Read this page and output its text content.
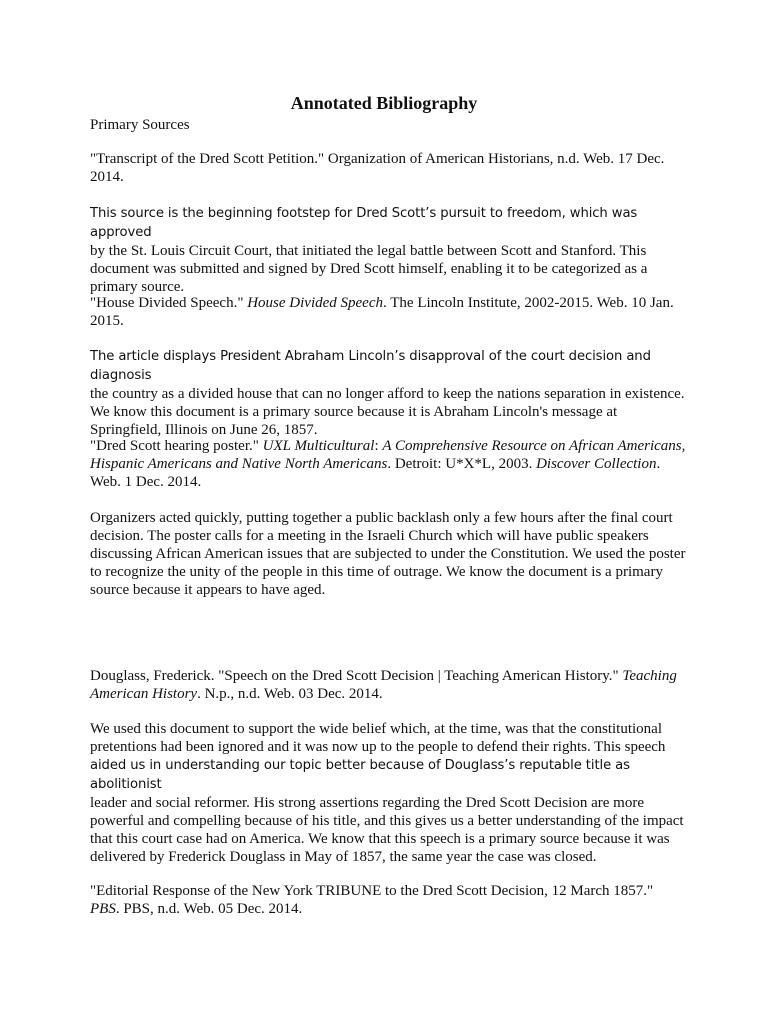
Annotated Bibliography

Primary Sources

"Transcript of the Dred Scott Petition." Organization of American Historians, n.d. Web. 17 Dec. 2014.

This source is the beginning footstep for Dred Scott’s pursuit to freedom, which was approved
by the St. Louis Circuit Court, that initiated the legal battle between Scott and Stanford. This document was submitted and signed by Dred Scott himself, enabling it to be categorized as a primary source.

"House Divided Speech." House Divided Speech. The Lincoln Institute, 2002-2015. Web. 10 Jan. 2015.

The article displays President Abraham Lincoln’s disapproval of the court decision and diagnosis
the country as a divided house that can no longer afford to keep the nations separation in existence. We know this document is a primary source because it is Abraham Lincoln's message at Springfield, Illinois on June 26, 1857.

"Dred Scott hearing poster." UXL Multicultural: A Comprehensive Resource on African Americans, Hispanic Americans and Native North Americans. Detroit: U*X*L, 2003. Discover Collection. Web. 1 Dec. 2014.

Organizers acted quickly, putting together a public backlash only a few hours after the final court decision. The poster calls for a meeting in the Israeli Church which will have public speakers discussing African American issues that are subjected to under the Constitution. We used the poster to recognize the unity of the people in this time of outrage. We know the document is a primary source because it appears to have aged.

Douglass, Frederick. "Speech on the Dred Scott Decision | Teaching American History." Teaching American History. N.p., n.d. Web. 03 Dec. 2014.

We used this document to support the wide belief which, at the time, was that the constitutional pretentions had been ignored and it was now up to the people to defend their rights. This speech aided us in understanding our topic better because of Douglass’s reputable title as abolitionist
leader and social reformer. His strong assertions regarding the Dred Scott Decision are more powerful and compelling because of his title, and this gives us a better understanding of the impact that this court case had on America. We know that this speech is a primary source because it was delivered by Frederick Douglass in May of 1857, the same year the case was closed.

"Editorial Response of the New York TRIBUNE to the Dred Scott Decision, 12 March 1857." PBS. PBS, n.d. Web. 05 Dec. 2014.
